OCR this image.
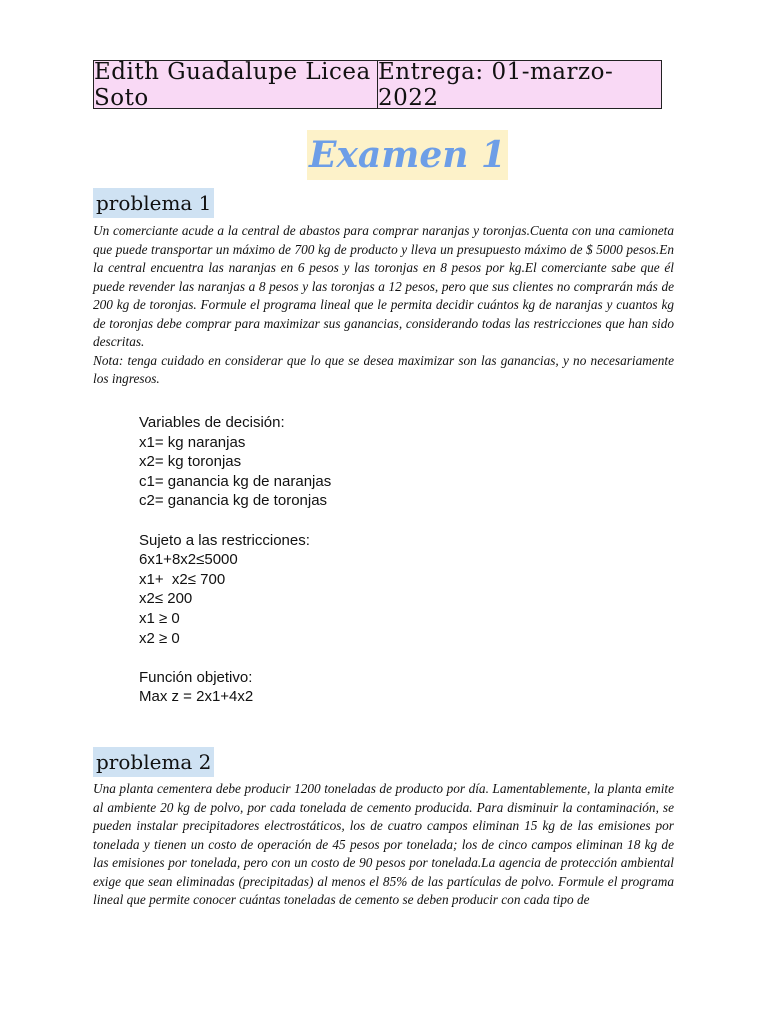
Edith Guadalupe Licea Soto
Entrega: 01-marzo-2022
Examen 1
problema 1

Un comerciante acude a la central de abastos para comprar naranjas y toronjas.Cuenta con una camioneta que puede transportar un máximo de 700 kg de producto y lleva un presupuesto máximo de $ 5000 pesos.En la central encuentra las naranjas en 6 pesos y las toronjas en 8 pesos por kg.El comerciante sabe que él puede revender las naranjas a 8 pesos y las toronjas a 12 pesos, pero que sus clientes no comprarán más de 200 kg de toronjas. Formule el programa lineal que le permita decidir cuántos kg de naranjas y cuantos kg de toronjas debe comprar para maximizar sus ganancias, considerando todas las restricciones que han sido descritas.
Nota: tenga cuidado en considerar que lo que se desea maximizar son las ganancias, y no necesariamente los ingresos.

Variables de decisión:
x1= kg naranjas
x2= kg toronjas
c1= ganancia kg de naranjas
c2= ganancia kg de toronjas
Sujeto a las restricciones:
6x1+8x2≤5000
x1+  x2≤ 700
x2≤ 200
x1 ≥ 0
x2 ≥ 0
Función objetivo:
Max z = 2x1+4x2
problema 2

Una planta cementera debe producir 1200 toneladas de producto por día. Lamentablemente, la planta emite al ambiente 20 kg de polvo, por cada tonelada de cemento producida. Para disminuir la contaminación, se pueden instalar precipitadores electrostáticos, los de cuatro campos eliminan 15 kg de las emisiones por tonelada y tienen un costo de operación de 45 pesos por tonelada; los de cinco campos eliminan 18 kg de las emisiones por tonelada, pero con un costo de 90 pesos por tonelada.La agencia de protección ambiental exige que sean eliminadas (precipitadas) al menos el 85% de las partículas de polvo. Formule el programa lineal que permite conocer cuántas toneladas de cemento se deben producir con cada tipo de
